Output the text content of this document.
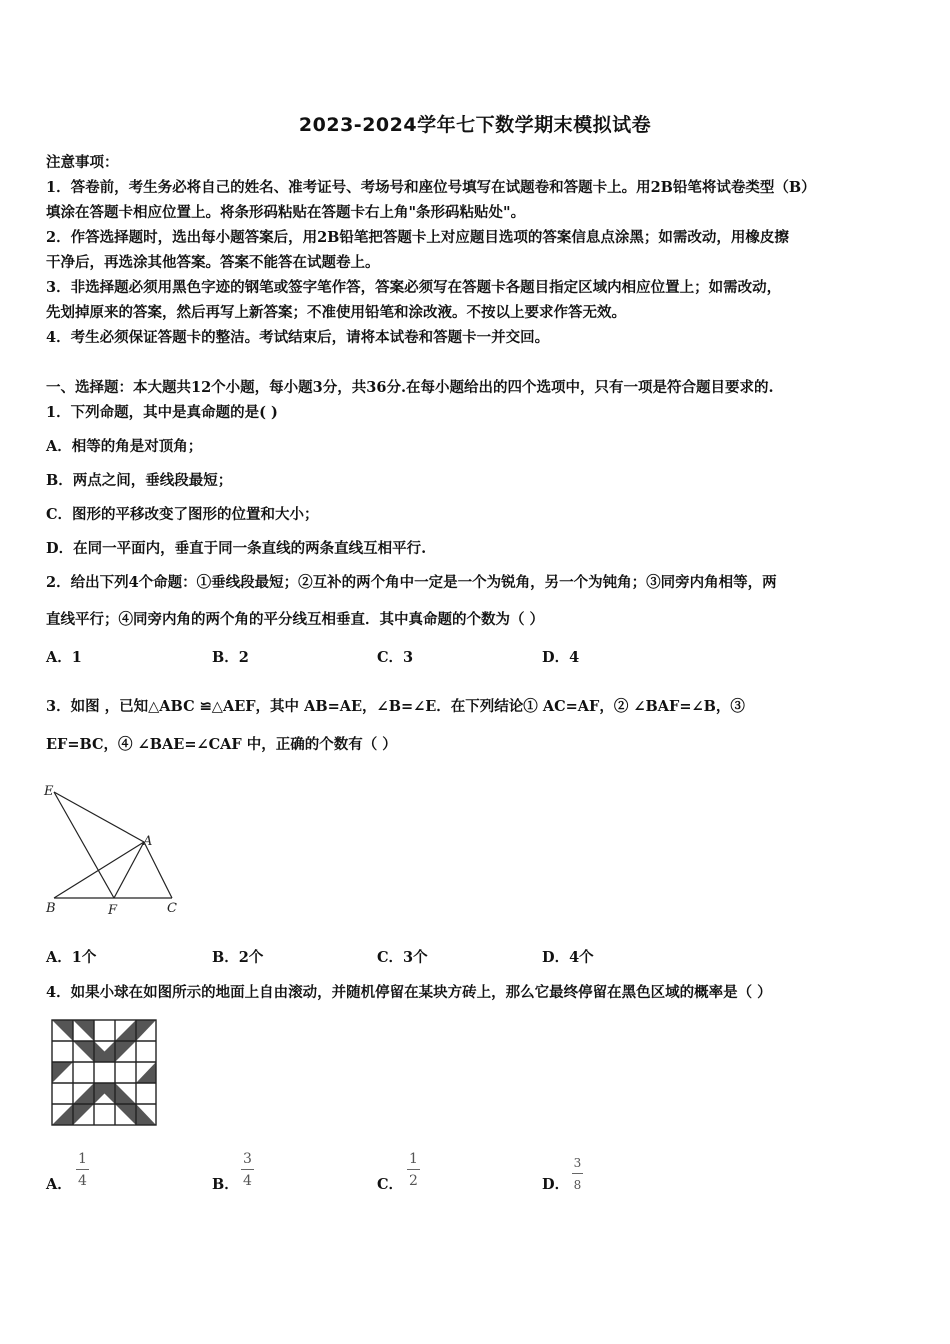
2023-2024学年七下数学期末模拟试卷
注意事项：
1．答卷前，考生务必将自己的姓名、准考证号、考场号和座位号填写在试题卷和答题卡上。用2B铅笔将试卷类型（B）
填涂在答题卡相应位置上。将条形码粘贴在答题卡右上角"条形码粘贴处"。
2．作答选择题时，选出每小题答案后，用2B铅笔把答题卡上对应题目选项的答案信息点涂黑；如需改动，用橡皮擦
干净后，再选涂其他答案。答案不能答在试题卷上。
3．非选择题必须用黑色字迹的钢笔或签字笔作答，答案必须写在答题卡各题目指定区域内相应位置上；如需改动，
先划掉原来的答案，然后再写上新答案；不准使用铅笔和涂改液。不按以上要求作答无效。
4．考生必须保证答题卡的整洁。考试结束后，请将本试卷和答题卡一并交回。
一、选择题：本大题共12个小题，每小题3分，共36分.在每小题给出的四个选项中，只有一项是符合题目要求的.
1．下列命题，其中是真命题的是( )
A．相等的角是对顶角；
B．两点之间，垂线段最短；
C．图形的平移改变了图形的位置和大小；
D．在同一平面内，垂直于同一条直线的两条直线互相平行.
2．给出下列4个命题：①垂线段最短；②互补的两个角中一定是一个为锐角，另一个为钝角；③同旁内角相等，两
直线平行；④同旁内角的两个角的平分线互相垂直．其中真命题的个数为（ ）
A．1	B．2	C．3	D．4
3．如图 ，已知△ABC ≌△AEF，其中 AB=AE，∠B=∠E．在下列结论① AC=AF，② ∠BAF=∠B，③
EF=BC，④ ∠BAE=∠CAF 中，正确的个数有（ ）
E
A
B	F	C
A．1个	B．2个	C．3个	D．4个
4．如果小球在如图所示的地面上自由滚动，并随机停留在某块方砖上，那么它最终停留在黑色区域的概率是（ ）
A．
1
4	B．
3
4	C．
1
2	D．
3
8
